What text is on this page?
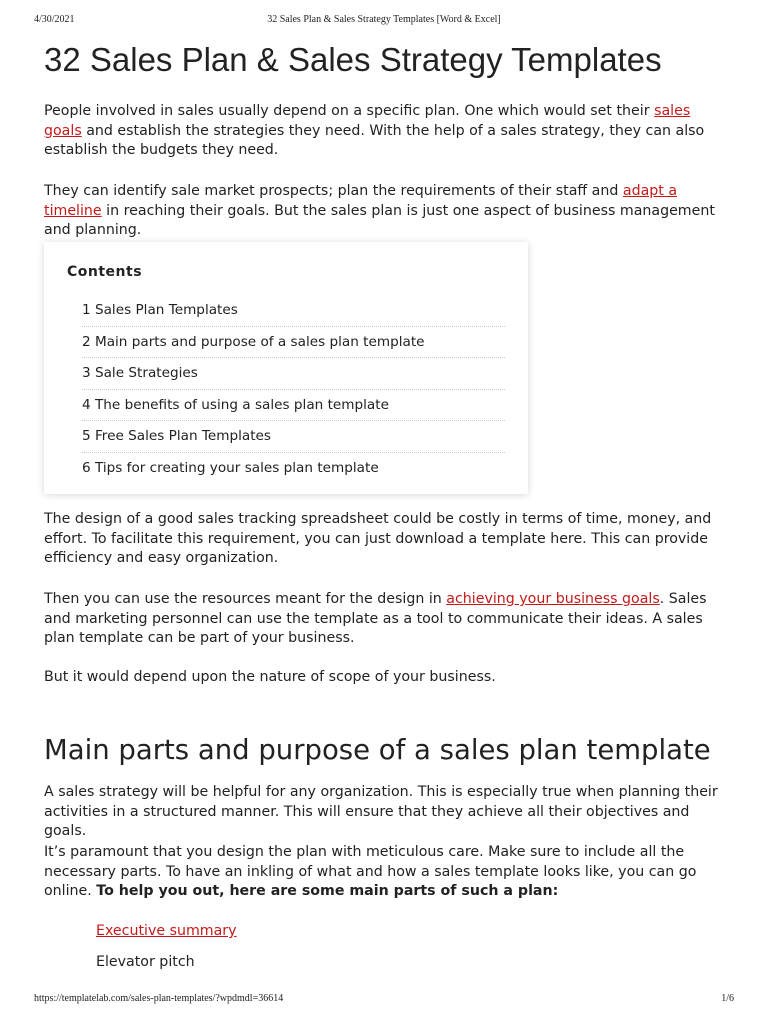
4/30/2021	32 Sales Plan & Sales Strategy Templates [Word & Excel]
32 Sales Plan & Sales Strategy Templates

People involved in sales usually depend on a specific plan. One which would set their sales goals and establish the strategies they need. With the help of a sales strategy, they can also establish the budgets they need.

They can identify sale market prospects; plan the requirements of their staff and adapt a timeline in reaching their goals. But the sales plan is just one aspect of business management and planning.

Contents
1 Sales Plan Templates
2 Main parts and purpose of a sales plan template
3 Sale Strategies
4 The benefits of using a sales plan template
5 Free Sales Plan Templates
6 Tips for creating your sales plan template

The design of a good sales tracking spreadsheet could be costly in terms of time, money, and effort. To facilitate this requirement, you can just download a template here. This can provide efficiency and easy organization.

Then you can use the resources meant for the design in achieving your business goals. Sales and marketing personnel can use the template as a tool to communicate their ideas. A sales plan template can be part of your business.

But it would depend upon the nature of scope of your business.

Main parts and purpose of a sales plan template

A sales strategy will be helpful for any organization. This is especially true when planning their activities in a structured manner. This will ensure that they achieve all their objectives and goals.

It’s paramount that you design the plan with meticulous care. Make sure to include all the necessary parts. To have an inkling of what and how a sales template looks like, you can go online. To help you out, here are some main parts of such a plan:

Executive summary
Elevator pitch
https://templatelab.com/sales-plan-templates/?wpdmdl=36614	1/6
